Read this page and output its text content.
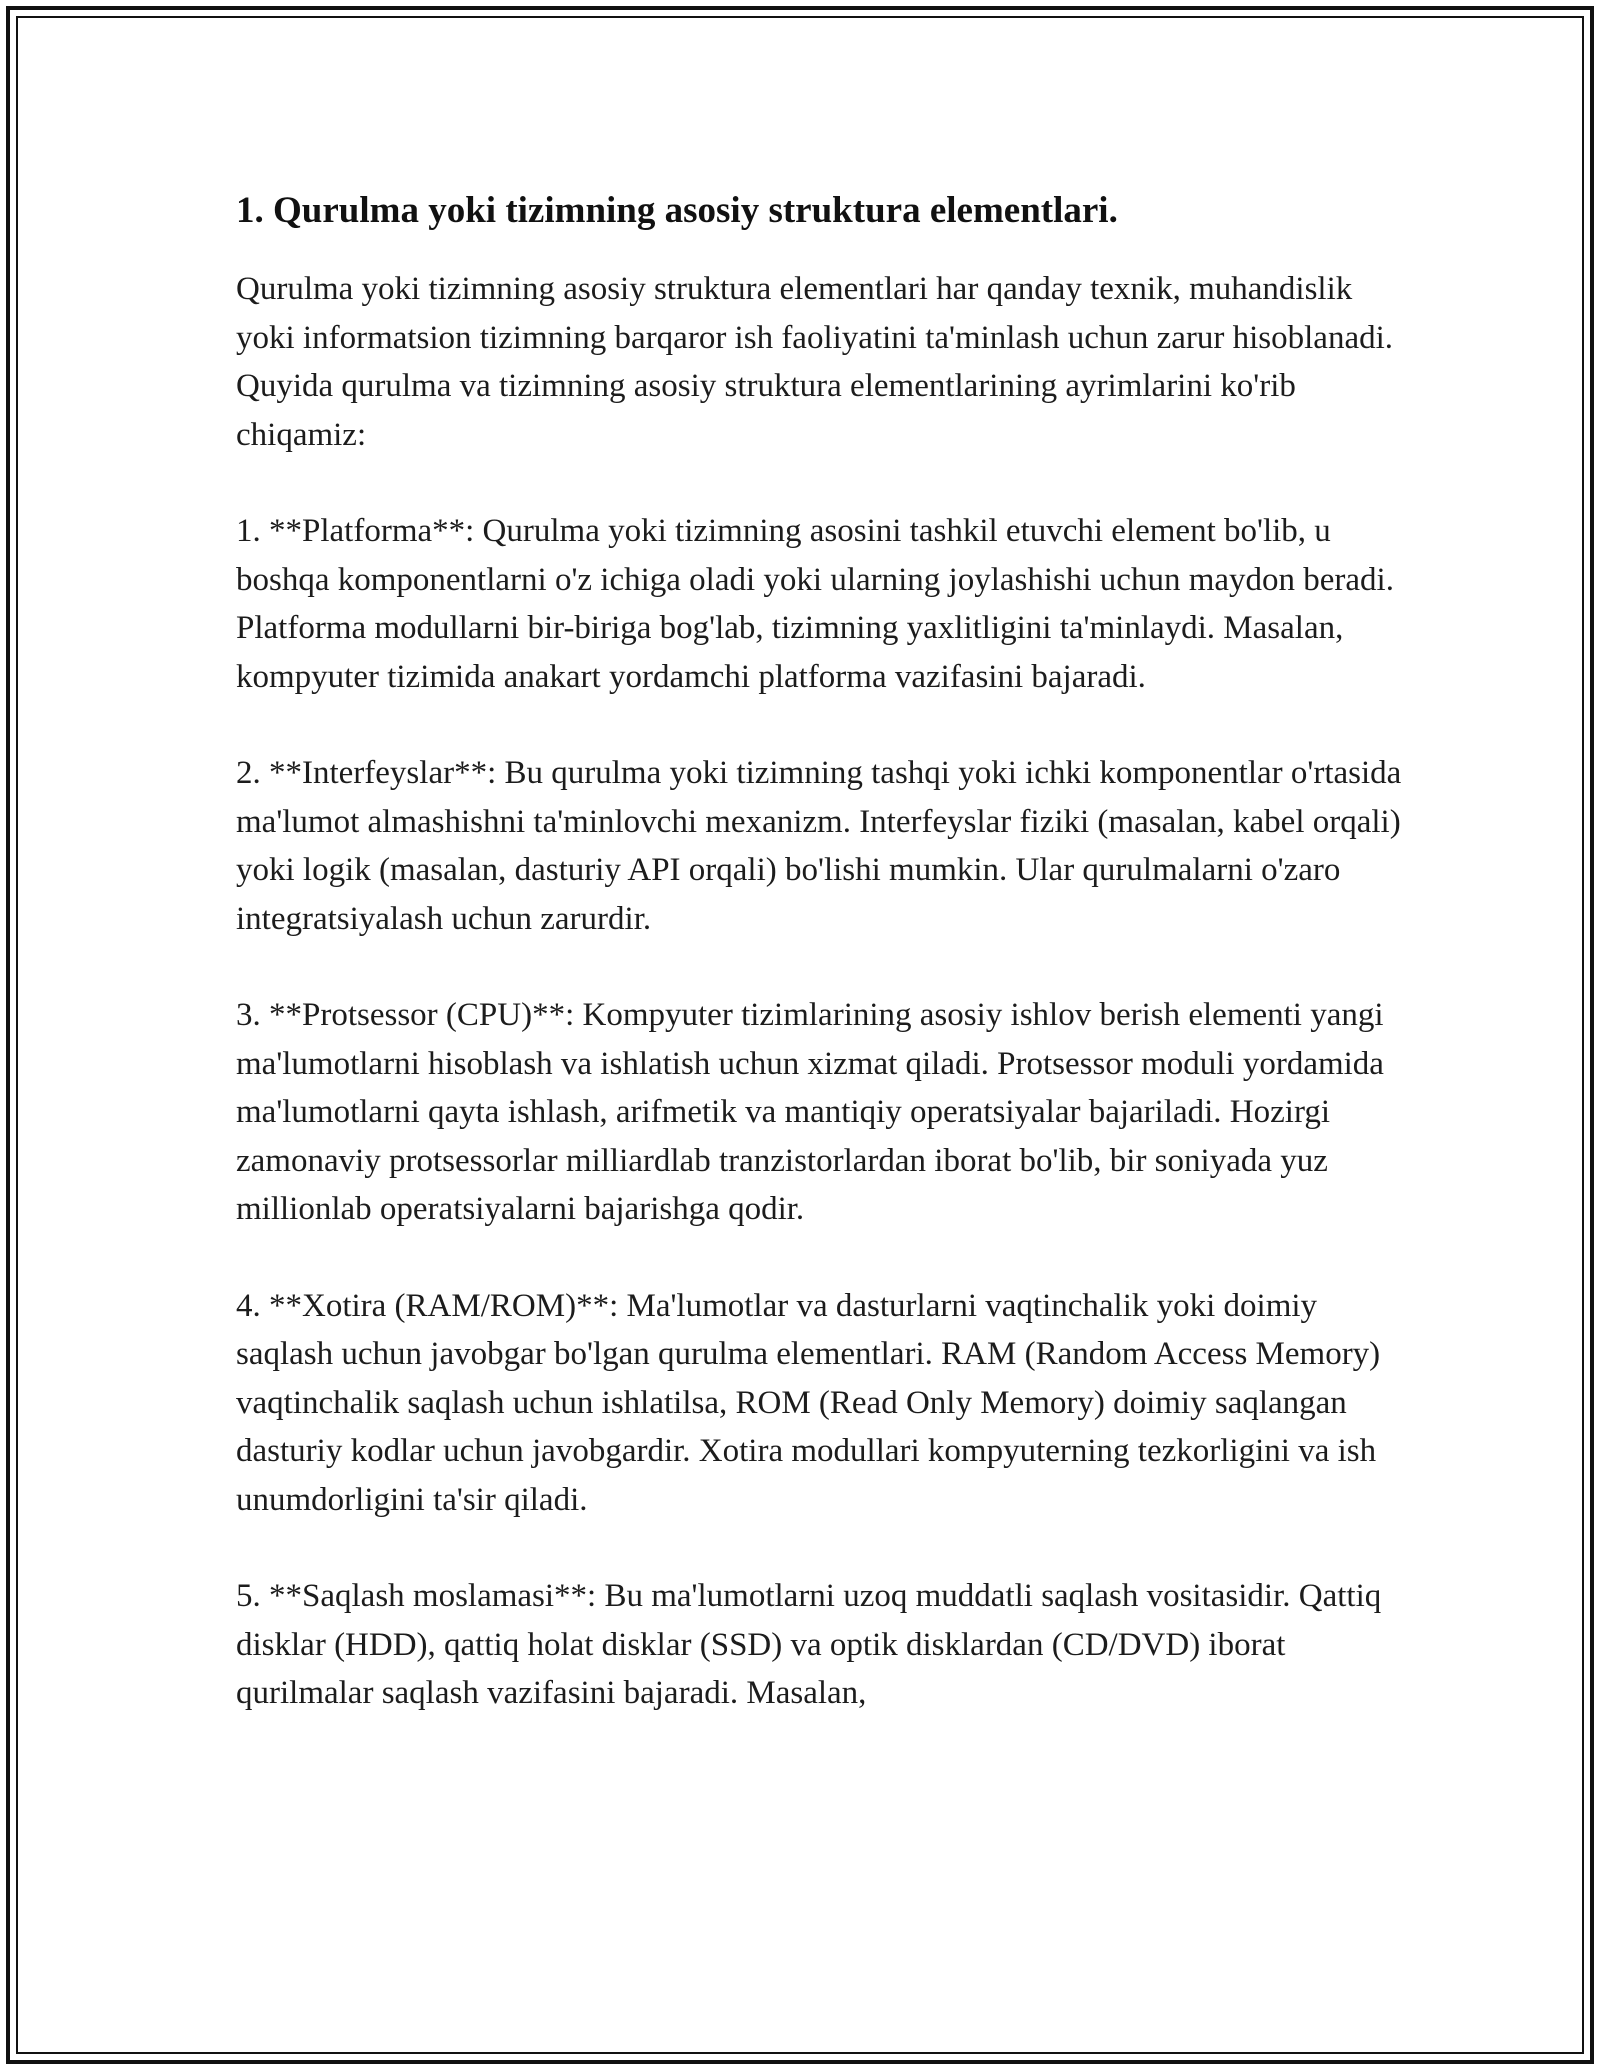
1. Qurulma yoki tizimning asosiy struktura elementlari.

Qurulma yoki tizimning asosiy struktura elementlari har qanday texnik, muhandislik yoki informatsion tizimning barqaror ish faoliyatini ta'minlash uchun zarur hisoblanadi. Quyida qurulma va tizimning asosiy struktura elementlarining ayrimlarini ko'rib chiqamiz:

1. **Platforma**: Qurulma yoki tizimning asosini tashkil etuvchi element bo'lib, u boshqa komponentlarni o'z ichiga oladi yoki ularning joylashishi uchun maydon beradi. Platforma modullarni bir-biriga bog'lab, tizimning yaxlitligini ta'minlaydi. Masalan, kompyuter tizimida anakart yordamchi platforma vazifasini bajaradi.

2. **Interfeyslar**: Bu qurulma yoki tizimning tashqi yoki ichki komponentlar o'rtasida ma'lumot almashishni ta'minlovchi mexanizm. Interfeyslar fiziki (masalan, kabel orqali) yoki logik (masalan, dasturiy API orqali) bo'lishi mumkin. Ular qurulmalarni o'zaro integratsiyalash uchun zarurdir.

3. **Protsessor (CPU)**: Kompyuter tizimlarining asosiy ishlov berish elementi yangi ma'lumotlarni hisoblash va ishlatish uchun xizmat qiladi. Protsessor moduli yordamida ma'lumotlarni qayta ishlash, arifmetik va mantiqiy operatsiyalar bajariladi. Hozirgi zamonaviy protsessorlar milliardlab tranzistorlardan iborat bo'lib, bir soniyada yuz millionlab operatsiyalarni bajarishga qodir.

4. **Xotira (RAM/ROM)**: Ma'lumotlar va dasturlarni vaqtinchalik yoki doimiy saqlash uchun javobgar bo'lgan qurulma elementlari. RAM (Random Access Memory) vaqtinchalik saqlash uchun ishlatilsa, ROM (Read Only Memory) doimiy saqlangan dasturiy kodlar uchun javobgardir. Xotira modullari kompyuterning tezkorligini va ish unumdorligini ta'sir qiladi.

5. **Saqlash moslamasi**: Bu ma'lumotlarni uzoq muddatli saqlash vositasidir. Qattiq disklar (HDD), qattiq holat disklar (SSD) va optik disklardan (CD/DVD) iborat qurilmalar saqlash vazifasini bajaradi. Masalan,
